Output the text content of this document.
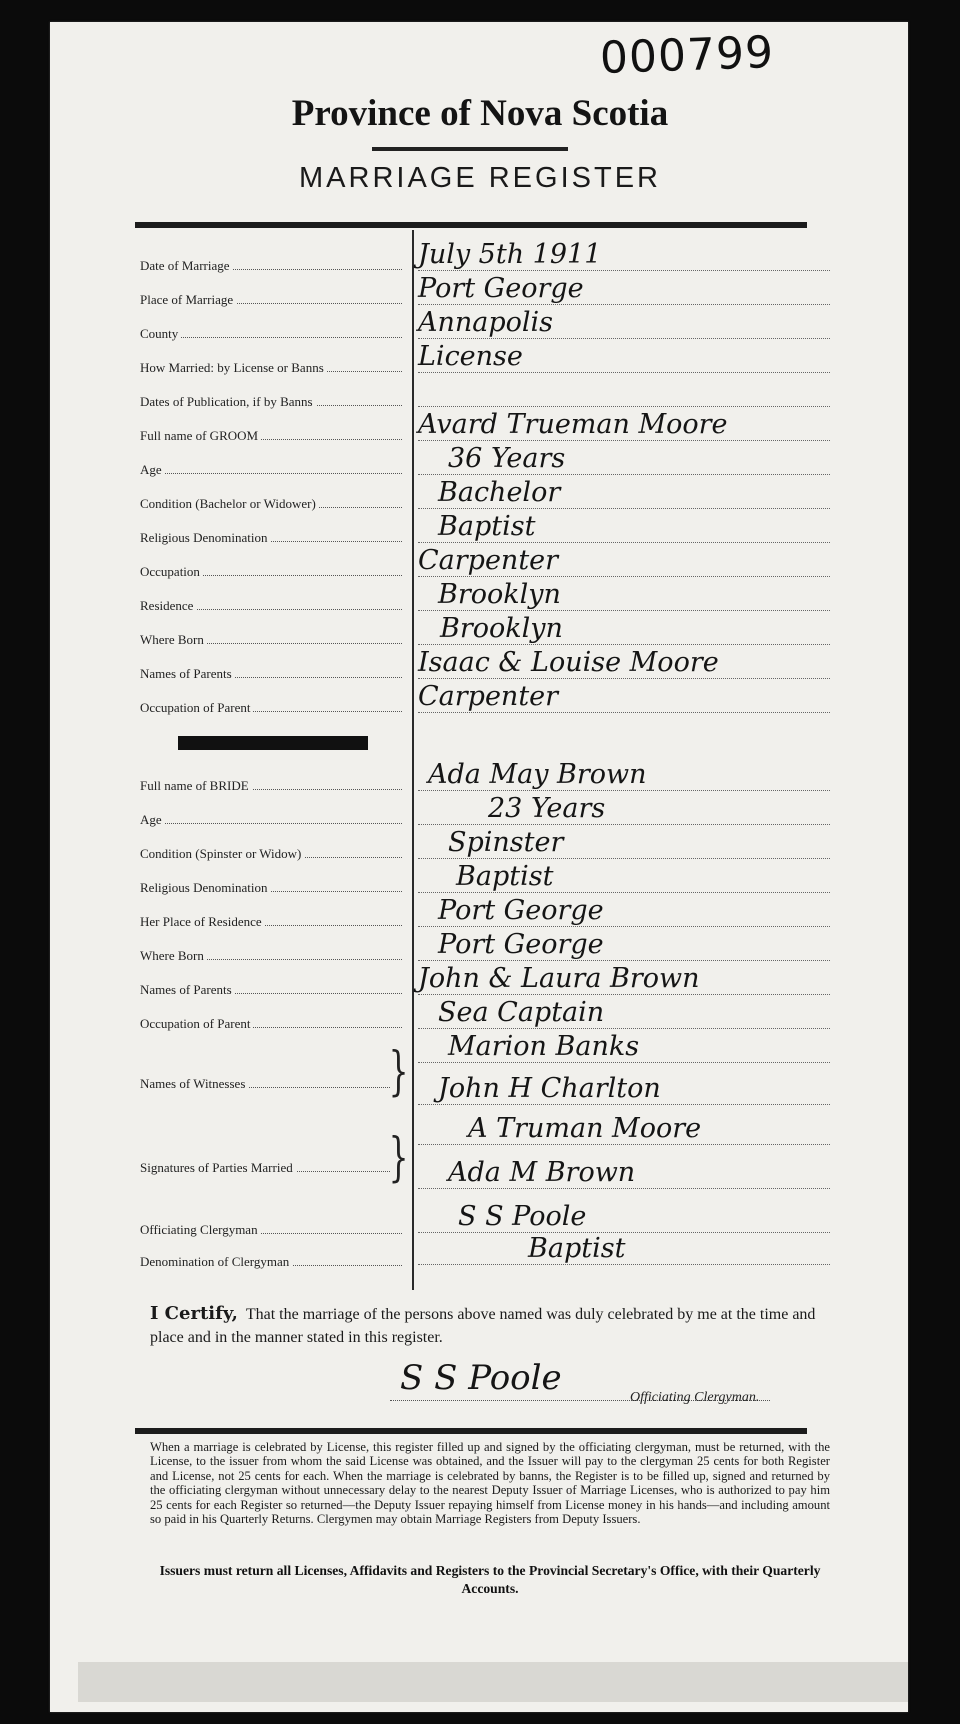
000799
Province of Nova Scotia
MARRIAGE REGISTER
Date of Marriage	July 5th 1911
Place of Marriage	Port George
County	Annapolis
How Married: by License or Banns	License
Dates of Publication, if by Banns
Full name of GROOM	Avard Trueman Moore
Age	36 Years
Condition (Bachelor or Widower)	Bachelor
Religious Denomination	Baptist
Occupation	Carpenter
Residence	Brooklyn
Where Born	Brooklyn
Names of Parents	Isaac & Louise Moore
Occupation of Parent	Carpenter
Full name of BRIDE	Ada May Brown
Age	23 Years
Condition (Spinster or Widow)	Spinster
Religious Denomination	Baptist
Her Place of Residence	Port George
Where Born	Port George
Names of Parents	John & Laura Brown
Occupation of Parent	Sea Captain
Names of Witnesses	}	Marion Banks
John H Charlton
Signatures of Parties Married	}	A Truman Moore
Ada M Brown
Officiating Clergyman	S S Poole
Denomination of Clergyman	Baptist
I Certify, That the marriage of the persons above named was duly celebrated by me at the time and place and in the manner stated in this register.
S S Poole	Officiating Clergyman.
When a marriage is celebrated by License, this register filled up and signed by the officiating clergyman, must be returned, with the License, to the issuer from whom the said License was obtained, and the Issuer will pay to the clergyman 25 cents for both Register and License, not 25 cents for each. When the marriage is celebrated by banns, the Register is to be filled up, signed and returned by the officiating clergyman without unnecessary delay to the nearest Deputy Issuer of Marriage Licenses, who is authorized to pay him 25 cents for each Register so returned—the Deputy Issuer repaying himself from License money in his hands—and including amount so paid in his Quarterly Returns. Clergymen may obtain Marriage Registers from Deputy Issuers.
Issuers must return all Licenses, Affidavits and Registers to the Provincial Secretary's Office, with their Quarterly Accounts.
